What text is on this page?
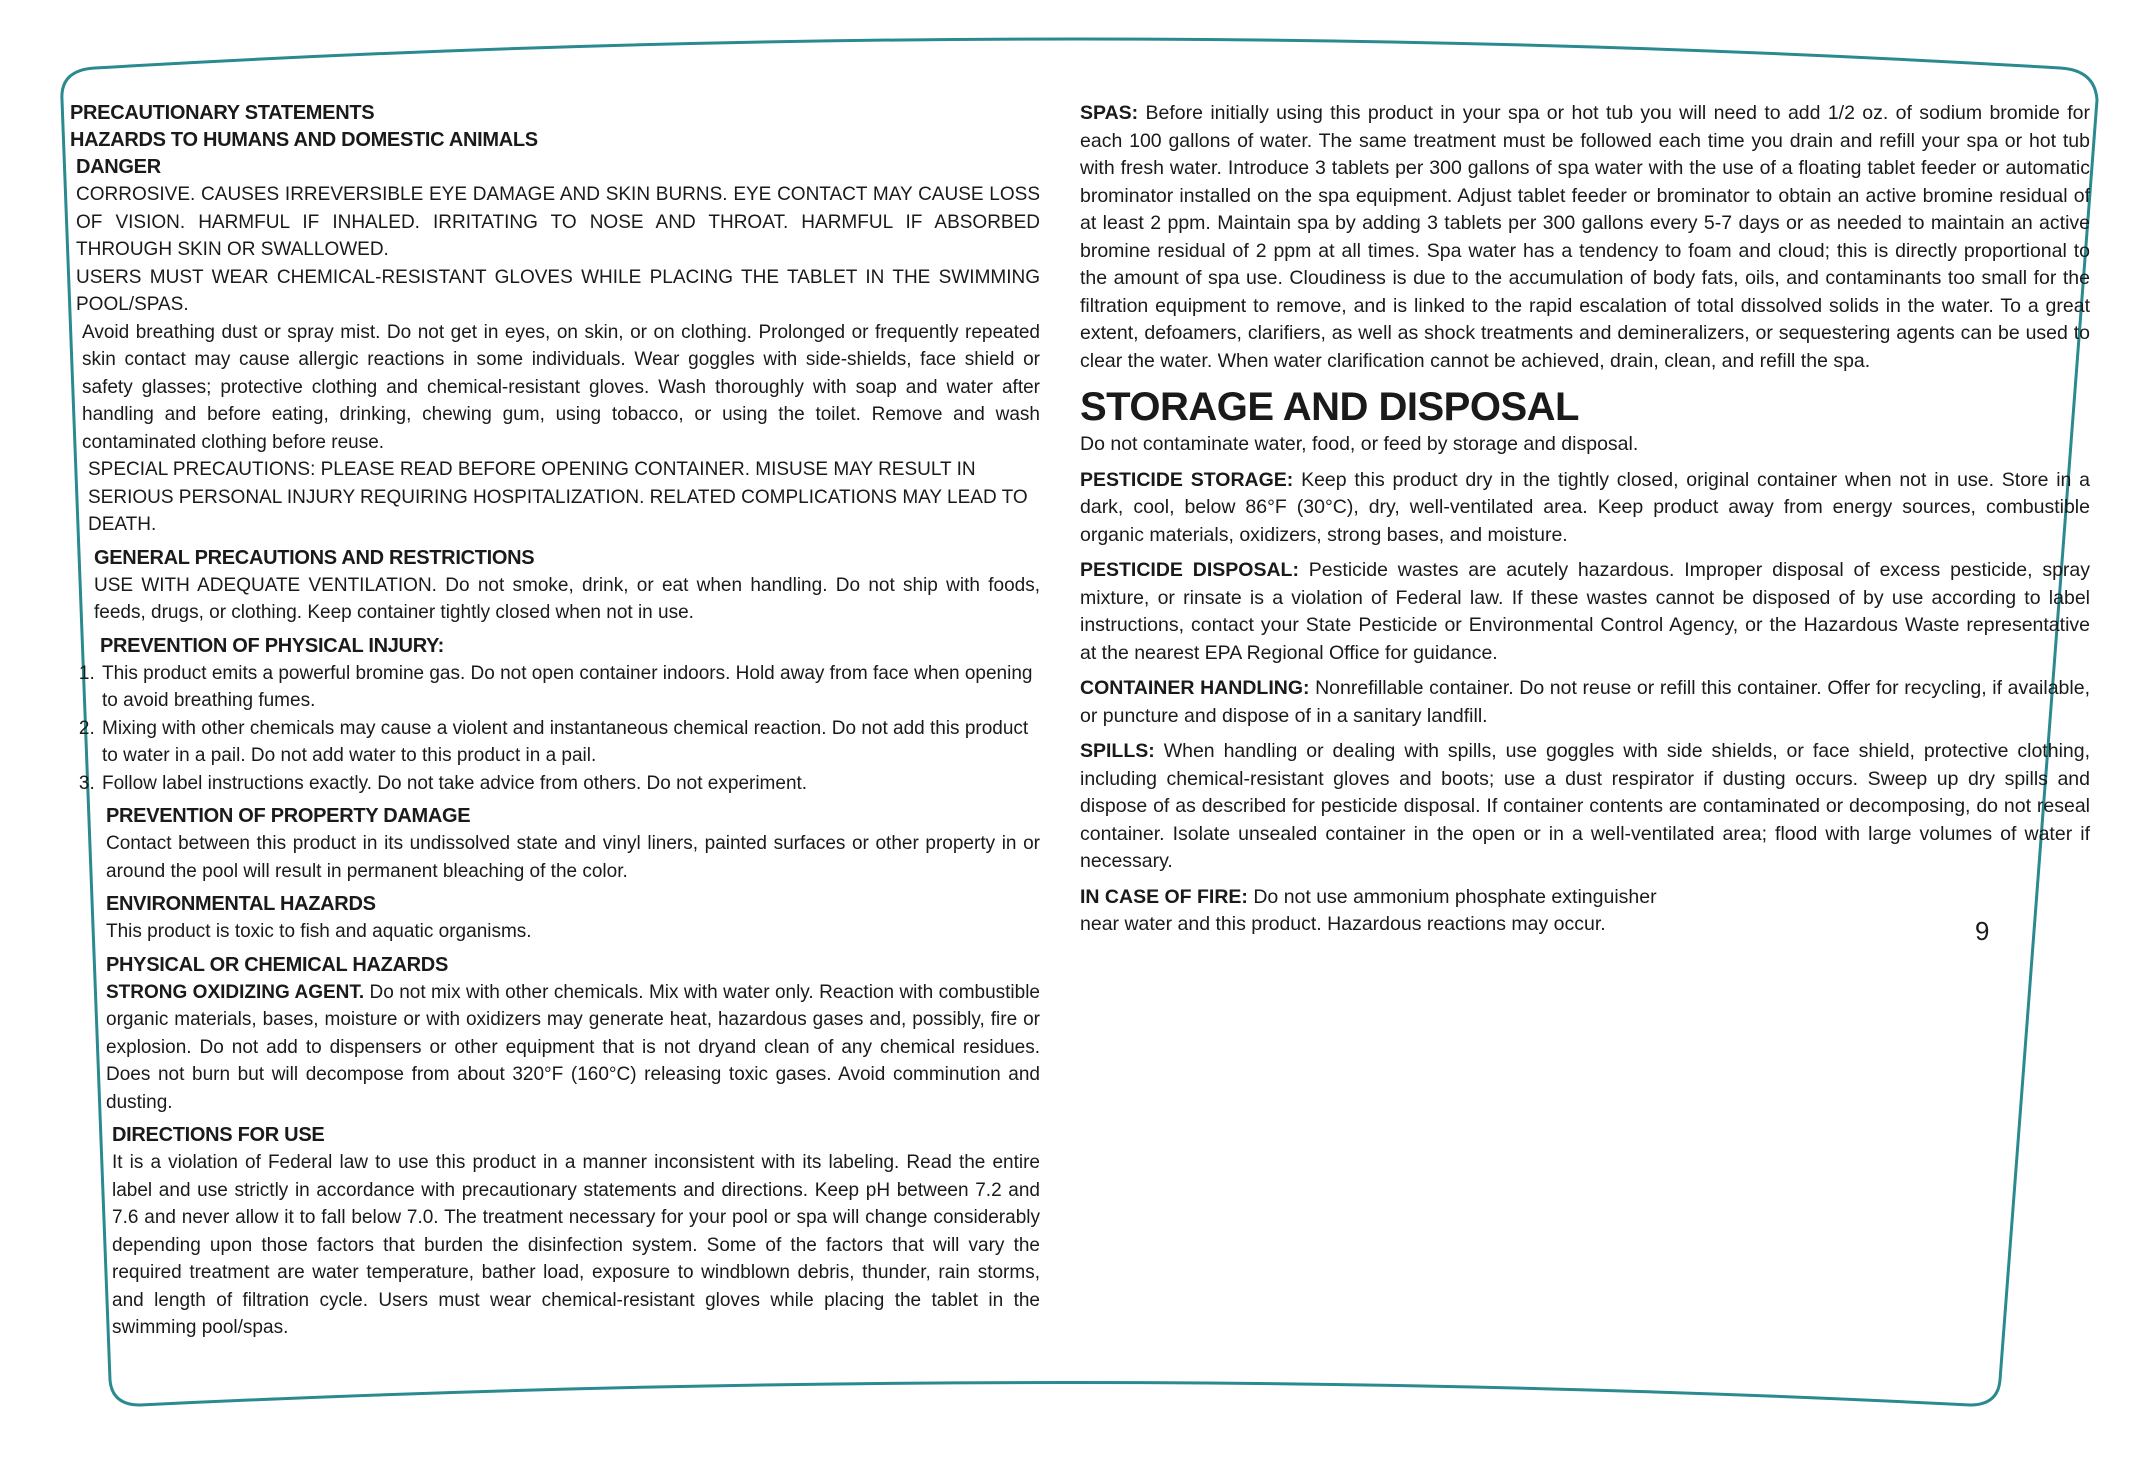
PRECAUTIONARY STATEMENTS

HAZARDS TO HUMANS AND DOMESTIC ANIMALS

DANGER

CORROSIVE. CAUSES IRREVERSIBLE EYE DAMAGE AND SKIN BURNS. EYE CONTACT MAY CAUSE LOSS OF VISION. HARMFUL IF INHALED. IRRITATING TO NOSE AND THROAT. HARMFUL IF ABSORBED THROUGH SKIN OR SWALLOWED.

USERS MUST WEAR CHEMICAL-RESISTANT GLOVES WHILE PLACING THE TABLET IN THE SWIMMING POOL/SPAS.

Avoid breathing dust or spray mist. Do not get in eyes, on skin, or on clothing. Prolonged or frequently repeated skin contact may cause allergic reactions in some individuals. Wear goggles with side-shields, face shield or safety glasses; protective clothing and chemical-resistant gloves. Wash thoroughly with soap and water after handling and before eating, drinking, chewing gum, using tobacco, or using the toilet. Remove and wash contaminated clothing before reuse.

SPECIAL PRECAUTIONS: PLEASE READ BEFORE OPENING CONTAINER. MISUSE MAY RESULT IN

SERIOUS PERSONAL INJURY REQUIRING HOSPITALIZATION. RELATED COMPLICATIONS MAY LEAD TO DEATH.

GENERAL PRECAUTIONS AND RESTRICTIONS

USE WITH ADEQUATE VENTILATION. Do not smoke, drink, or eat when handling. Do not ship with foods, feeds, drugs, or clothing. Keep container tightly closed when not in use.

PREVENTION OF PHYSICAL INJURY:

1. This product emits a powerful bromine gas. Do not open container indoors. Hold away from face when opening to avoid breathing fumes.
2. Mixing with other chemicals may cause a violent and instantaneous chemical reaction. Do not add this product to water in a pail. Do not add water to this product in a pail.
3. Follow label instructions exactly. Do not take advice from others. Do not experiment.

PREVENTION OF PROPERTY DAMAGE

Contact between this product in its undissolved state and vinyl liners, painted surfaces or other property in or around the pool will result in permanent bleaching of the color.

ENVIRONMENTAL HAZARDS

This product is toxic to fish and aquatic organisms.

PHYSICAL OR CHEMICAL HAZARDS

STRONG OXIDIZING AGENT. Do not mix with other chemicals. Mix with water only. Reaction with combustible organic materials, bases, moisture or with oxidizers may generate heat, hazardous gases and, possibly, fire or explosion. Do not add to dispensers or other equipment that is not dryand clean of any chemical residues. Does not burn but will decompose from about 320°F (160°C) releasing toxic gases. Avoid comminution and dusting.

DIRECTIONS FOR USE

It is a violation of Federal law to use this product in a manner inconsistent with its labeling. Read the entire label and use strictly in accordance with precautionary statements and directions. Keep pH between 7.2 and 7.6 and never allow it to fall below 7.0. The treatment necessary for your pool or spa will change considerably depending upon those factors that burden the disinfection system. Some of the factors that will vary the required treatment are water temperature, bather load, exposure to windblown debris, thunder, rain storms, and length of filtration cycle. Users must wear chemical-resistant gloves while placing the tablet in the swimming pool/spas.

SPAS: Before initially using this product in your spa or hot tub you will need to add 1/2 oz. of sodium bromide for each 100 gallons of water. The same treatment must be followed each time you drain and refill your spa or hot tub with fresh water. Introduce 3 tablets per 300 gallons of spa water with the use of a floating tablet feeder or automatic brominator installed on the spa equipment. Adjust tablet feeder or brominator to obtain an active bromine residual of at least 2 ppm. Maintain spa by adding 3 tablets per 300 gallons every 5-7 days or as needed to maintain an active bromine residual of 2 ppm at all times. Spa water has a tendency to foam and cloud; this is directly proportional to the amount of spa use. Cloudiness is due to the accumulation of body fats, oils, and contaminants too small for the filtration equipment to remove, and is linked to the rapid escalation of total dissolved solids in the water. To a great extent, defoamers, clarifiers, as well as shock treatments and demineralizers, or sequestering agents can be used to clear the water. When water clarification cannot be achieved, drain, clean, and refill the spa.

STORAGE AND DISPOSAL

Do not contaminate water, food, or feed by storage and disposal.

PESTICIDE STORAGE: Keep this product dry in the tightly closed, original container when not in use. Store in a dark, cool, below 86°F (30°C), dry, well-ventilated area. Keep product away from energy sources, combustible organic materials, oxidizers, strong bases, and moisture.

PESTICIDE DISPOSAL: Pesticide wastes are acutely hazardous. Improper disposal of excess pesticide, spray mixture, or rinsate is a violation of Federal law. If these wastes cannot be disposed of by use according to label instructions, contact your State Pesticide or Environmental Control Agency, or the Hazardous Waste representative at the nearest EPA Regional Office for guidance.

CONTAINER HANDLING: Nonrefillable container. Do not reuse or refill this container. Offer for recycling, if available, or puncture and dispose of in a sanitary landfill.

SPILLS: When handling or dealing with spills, use goggles with side shields, or face shield, protective clothing, including chemical-resistant gloves and boots; use a dust respirator if dusting occurs. Sweep up dry spills and dispose of as described for pesticide disposal. If container contents are contaminated or decomposing, do not reseal container. Isolate unsealed container in the open or in a well-ventilated area; flood with large volumes of water if necessary.

IN CASE OF FIRE: Do not use ammonium phosphate extinguisher

near water and this product. Hazardous reactions may occur.	6
